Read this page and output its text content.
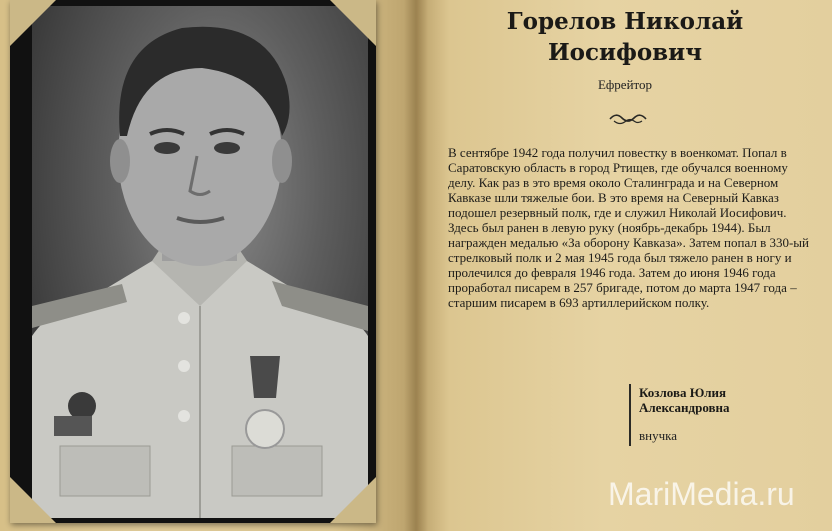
Горелов Николай
Иосифович
Ефрейтор

В сентябре 1942 года получил повестку в военкомат. Попал в Саратовскую область в город Ртищев, где обучался военному делу. Как раз в это время около Сталинграда и на Северном Кавказе шли тяжелые бои. В это время на Северный Кавказ подошел резервный полк, где и служил Николай Иосифович. Здесь был ранен в левую руку (ноябрь-декабрь 1944). Был награжден медалью «За оборону Кавказа». Затем попал в 330-ый стрелковый полк и 2 мая 1945 года был тяжело ранен в ногу и пролечился до февраля 1946 года. Затем до июня 1946 года проработал писарем в 257 бригаде, потом до марта 1947 года – старшим писарем в 693 артиллерийском полку.

Козлова Юлия
Александровна
внучка
MariMedia.ru
